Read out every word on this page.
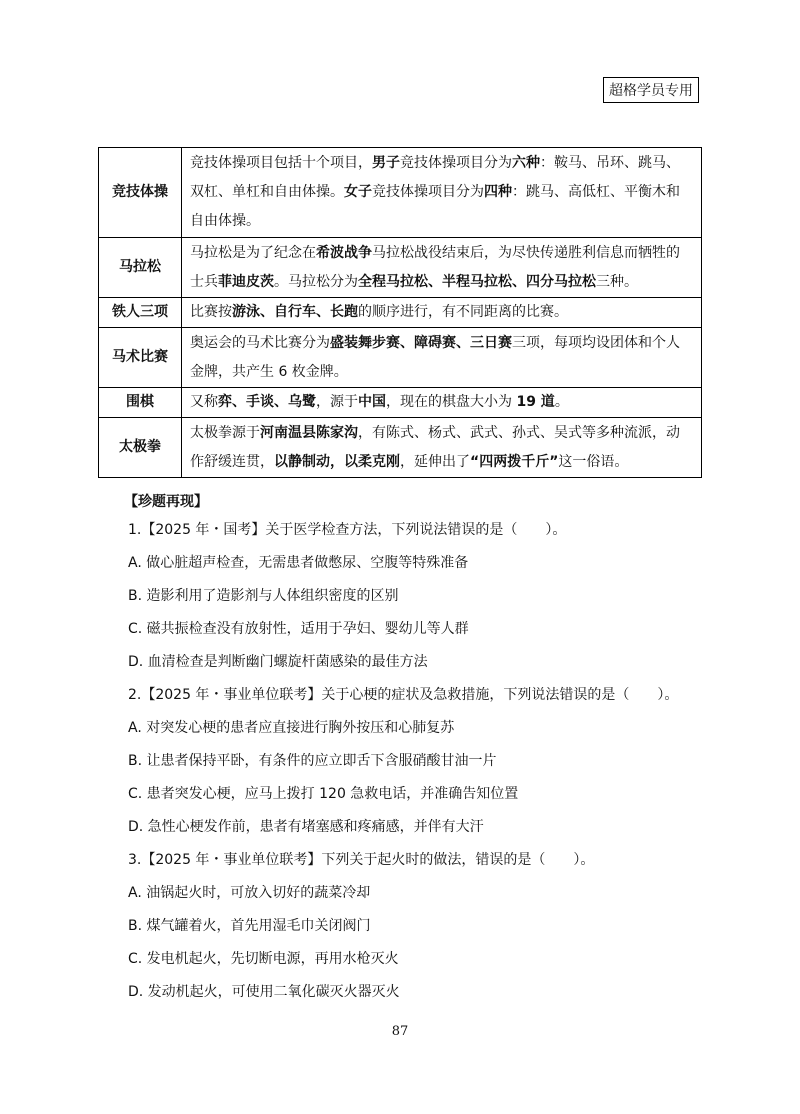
超格学员专用
竞技体操	竞技体操项目包括十个项目，男子竞技体操项目分为六种：鞍马、吊环、跳马、双杠、单杠和自由体操。女子竞技体操项目分为四种：跳马、高低杠、平衡木和自由体操。
马拉松	马拉松是为了纪念在希波战争马拉松战役结束后，为尽快传递胜利信息而牺牲的士兵菲迪皮茨。马拉松分为全程马拉松、半程马拉松、四分马拉松三种。
铁人三项	比赛按游泳、自行车、长跑的顺序进行，有不同距离的比赛。
马术比赛	奥运会的马术比赛分为盛装舞步赛、障碍赛、三日赛三项，每项均设团体和个人金牌，共产生 6 枚金牌。
围棋	又称弈、手谈、乌鹭，源于中国，现在的棋盘大小为 19 道。
太极拳	太极拳源于河南温县陈家沟，有陈式、杨式、武式、孙式、吴式等多种流派，动作舒缓连贯，以静制动，以柔克刚，延伸出了“四两拨千斤”这一俗语。
【珍题再现】
1.【2025 年・国考】关于医学检查方法，下列说法错误的是（　　）。
A. 做心脏超声检查，无需患者做憋尿、空腹等特殊准备
B. 造影利用了造影剂与人体组织密度的区别
C. 磁共振检查没有放射性，适用于孕妇、婴幼儿等人群
D. 血清检查是判断幽门螺旋杆菌感染的最佳方法
2.【2025 年・事业单位联考】关于心梗的症状及急救措施，下列说法错误的是（　　）。
A. 对突发心梗的患者应直接进行胸外按压和心肺复苏
B. 让患者保持平卧，有条件的应立即舌下含服硝酸甘油一片
C. 患者突发心梗，应马上拨打 120 急救电话，并准确告知位置
D. 急性心梗发作前，患者有堵塞感和疼痛感，并伴有大汗
3.【2025 年・事业单位联考】下列关于起火时的做法，错误的是（　　）。
A. 油锅起火时，可放入切好的蔬菜冷却
B. 煤气罐着火，首先用湿毛巾关闭阀门
C. 发电机起火，先切断电源，再用水枪灭火
D. 发动机起火，可使用二氧化碳灭火器灭火
87
